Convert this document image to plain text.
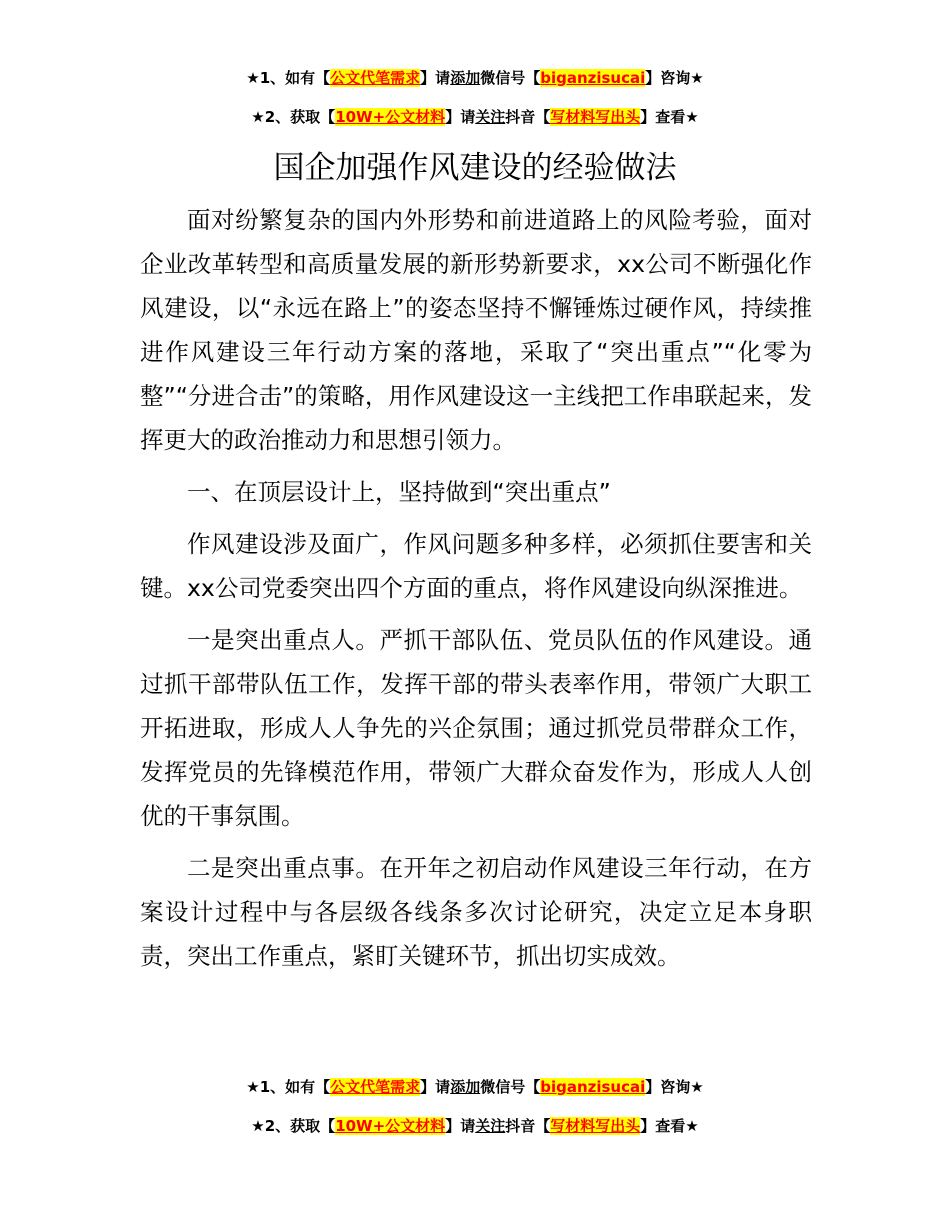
★1、如有【公文代笔需求】请添加微信号【biganzisucai】咨询★
★2、获取【10W+公文材料】请关注抖音【写材料写出头】查看★
国企加强作风建设的经验做法

面对纷繁复杂的国内外形势和前进道路上的风险考验，面对企业改革转型和高质量发展的新形势新要求，xx公司不断强化作风建设，以“永远在路上”的姿态坚持不懈锤炼过硬作风，持续推进作风建设三年行动方案的落地，采取了“突出重点”“化零为整”“分进合击”的策略，用作风建设这一主线把工作串联起来，发挥更大的政治推动力和思想引领力。

一、在顶层设计上，坚持做到“突出重点”

作风建设涉及面广，作风问题多种多样，必须抓住要害和关键。xx公司党委突出四个方面的重点，将作风建设向纵深推进。

一是突出重点人。严抓干部队伍、党员队伍的作风建设。通过抓干部带队伍工作，发挥干部的带头表率作用，带领广大职工开拓进取，形成人人争先的兴企氛围；通过抓党员带群众工作，发挥党员的先锋模范作用，带领广大群众奋发作为，形成人人创优的干事氛围。

二是突出重点事。在开年之初启动作风建设三年行动，在方案设计过程中与各层级各线条多次讨论研究，决定立足本身职责，突出工作重点，紧盯关键环节，抓出切实成效。

★1、如有【公文代笔需求】请添加微信号【biganzisucai】咨询★
★2、获取【10W+公文材料】请关注抖音【写材料写出头】查看★
